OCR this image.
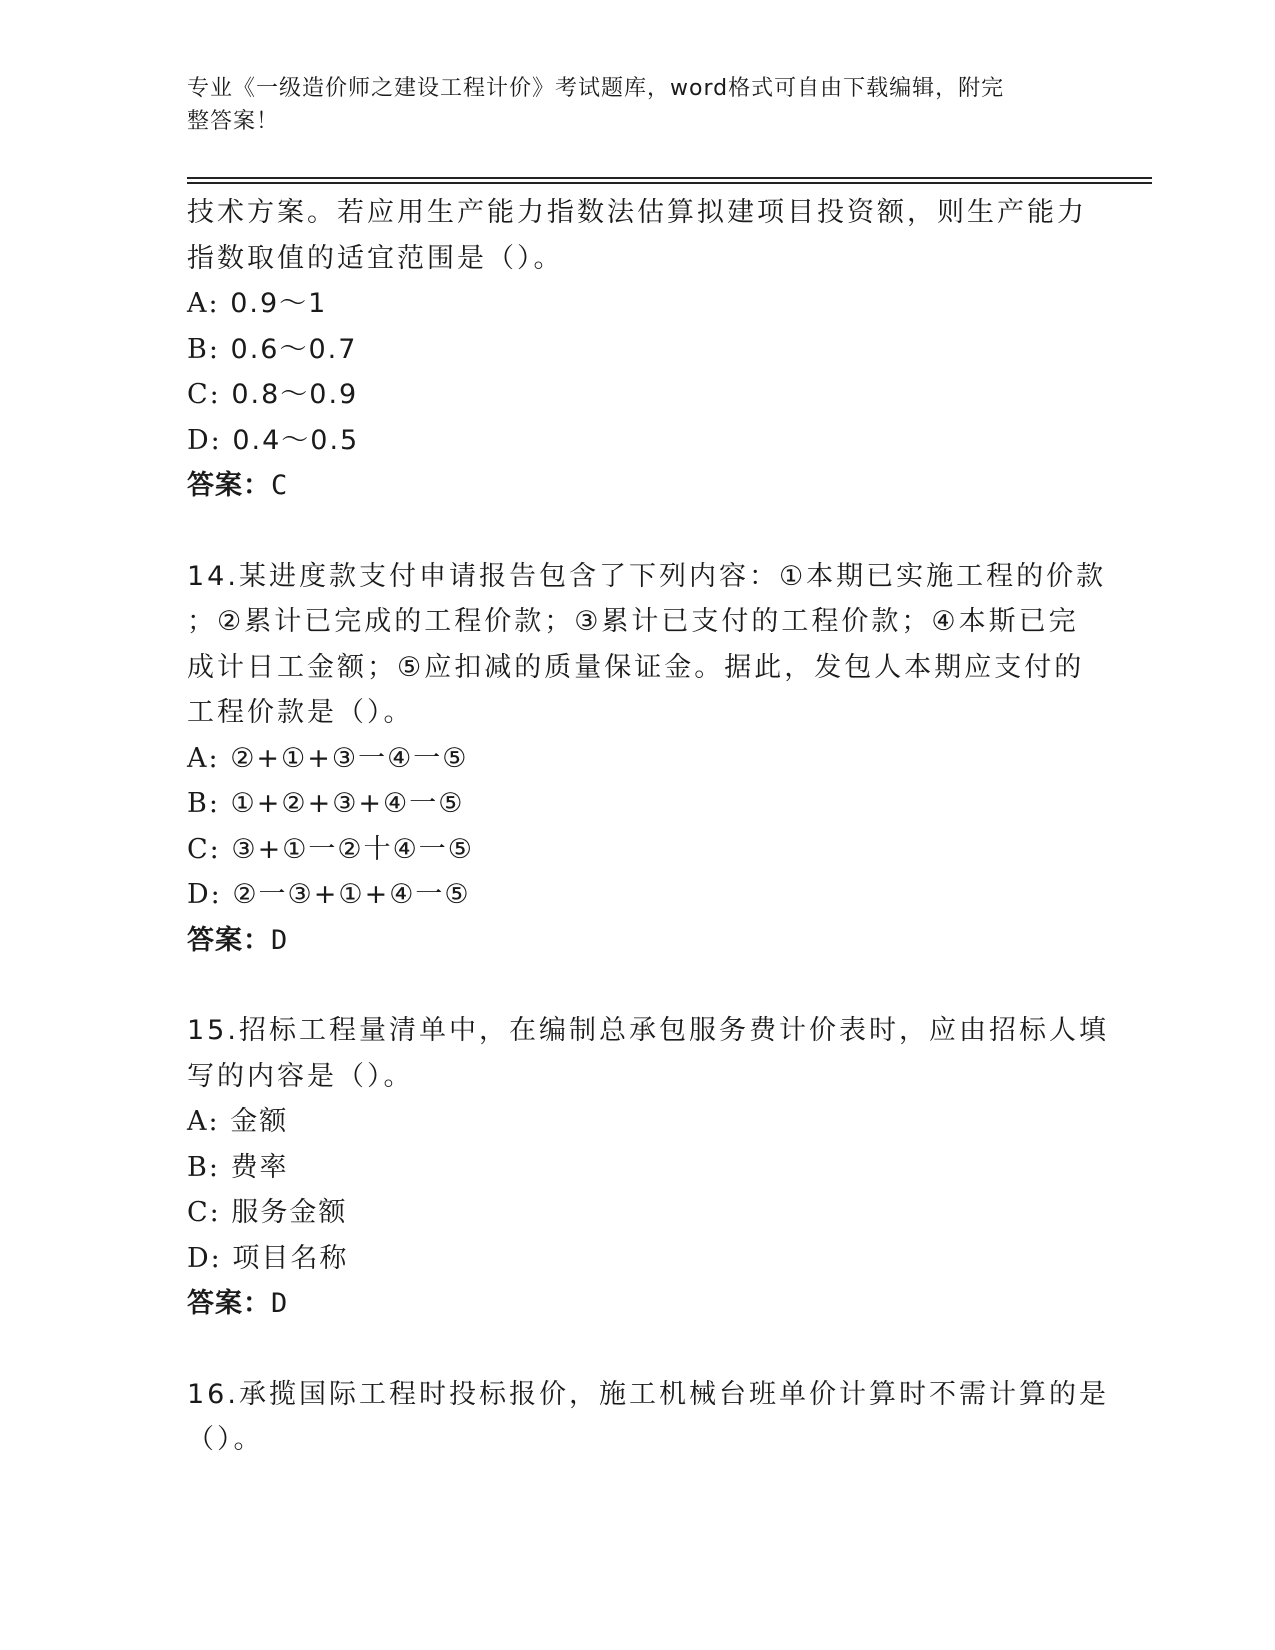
专业《一级造价师之建设工程计价》考试题库，word格式可自由下载编辑，附完
整答案！
技术方案。若应用生产能力指数法估算拟建项目投资额，则生产能力
指数取值的适宜范围是（）。
A: 0.9～1
B: 0.6～0.7
C: 0.8～0.9
D: 0.4～0.5
答案：C
14.某进度款支付申请报告包含了下列内容：①本期已实施工程的价款
；②累计已完成的工程价款；③累计已支付的工程价款；④本斯已完
成计日工金额；⑤应扣减的质量保证金。据此，发包人本期应支付的
工程价款是（）。
A: ②+①+③一④一⑤
B: ①+②+③+④一⑤
C: ③+①一②十④一⑤
D: ②一③+①+④一⑤
答案：D
15.招标工程量清单中，在编制总承包服务费计价表时，应由招标人填
写的内容是（）。
A: 金额
B: 费率
C: 服务金额
D: 项目名称
答案：D
16.承揽国际工程时投标报价，施工机械台班单价计算时不需计算的是
（）。
